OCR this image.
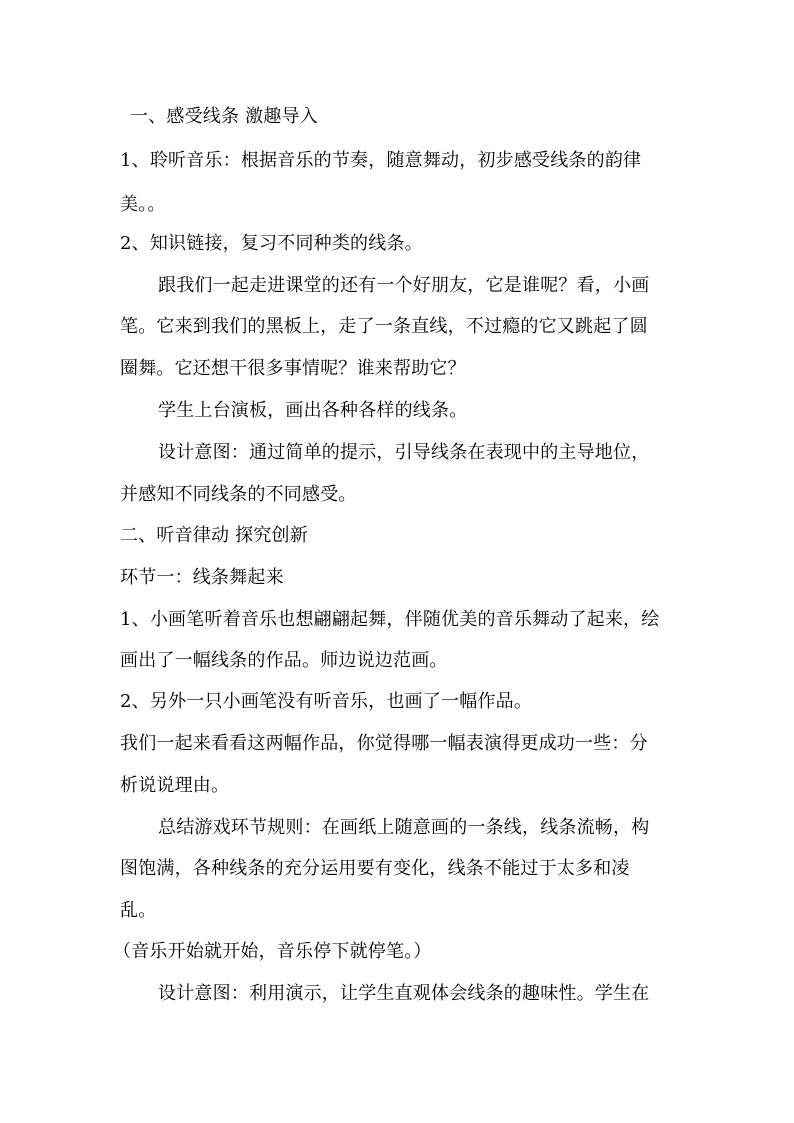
一、感受线条 激趣导入
1、聆听音乐：根据音乐的节奏，随意舞动，初步感受线条的韵律
美。。
2、知识链接，复习不同种类的线条。
跟我们一起走进课堂的还有一个好朋友，它是谁呢？看，小画
笔。它来到我们的黑板上，走了一条直线，不过瘾的它又跳起了圆
圈舞。它还想干很多事情呢？谁来帮助它？
学生上台演板，画出各种各样的线条。
设计意图：通过简单的提示，引导线条在表现中的主导地位，
并感知不同线条的不同感受。
二、听音律动 探究创新
环节一：线条舞起来
1、小画笔听着音乐也想翩翩起舞，伴随优美的音乐舞动了起来，绘
画出了一幅线条的作品。师边说边范画。
2、另外一只小画笔没有听音乐，也画了一幅作品。
我们一起来看看这两幅作品，你觉得哪一幅表演得更成功一些：分
析说说理由。
总结游戏环节规则：在画纸上随意画的一条线，线条流畅，构
图饱满，各种线条的充分运用要有变化，线条不能过于太多和凌
乱。
（音乐开始就开始，音乐停下就停笔。）
设计意图：利用演示，让学生直观体会线条的趣味性。学生在
